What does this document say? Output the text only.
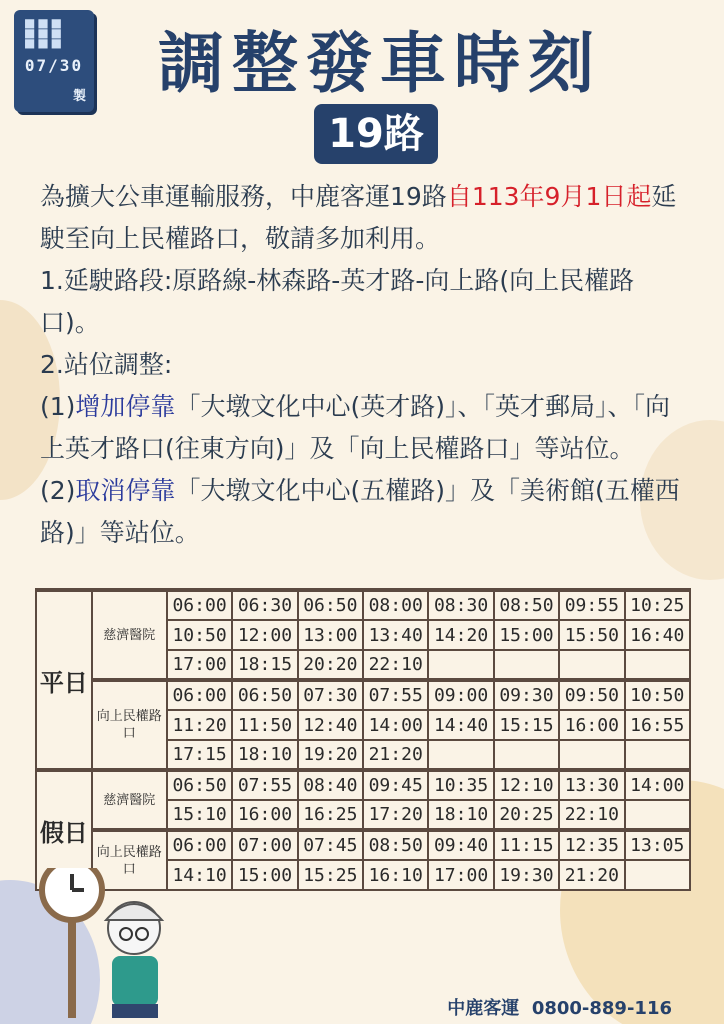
■■■
■■■
■■■
07/30
製	調整發車時刻
19路

為擴大公車運輸服務，中鹿客運19路自113年9月1日起延駛至向上民權路口，敬請多加利用。

1.延駛路段:原路線-林森路-英才路-向上路(向上民權路口)。

2.站位調整:

(1)增加停靠「大墩文化中心(英才路)」、「英才郵局」、「向上英才路口(往東方向)」及「向上民權路口」等站位。

(2)取消停靠「大墩文化中心(五權路)」及「美術館(五權西路)」等站位。

平日	慈濟醫院	06:00	06:30	06:50	08:00	08:30	08:50	09:55	10:25
		10:50	12:00	13:00	13:40	14:20	15:00	15:50	16:40
		17:00	18:15	20:20	22:10				
	向上民權路口	06:00	06:50	07:30	07:55	09:00	09:30	09:50	10:50
		11:20	11:50	12:40	14:00	14:40	15:15	16:00	16:55
		17:15	18:10	19:20	21:20				
假日	慈濟醫院	06:50	07:55	08:40	09:45	10:35	12:10	13:30	14:00
		15:10	16:00	16:25	17:20	18:10	20:25	22:10	
	向上民權路口	06:00	07:00	07:45	08:50	09:40	11:15	12:35	13:05
		14:10	15:00	15:25	16:10	17:00	19:30	21:20	
中鹿客運 0800-889-116
